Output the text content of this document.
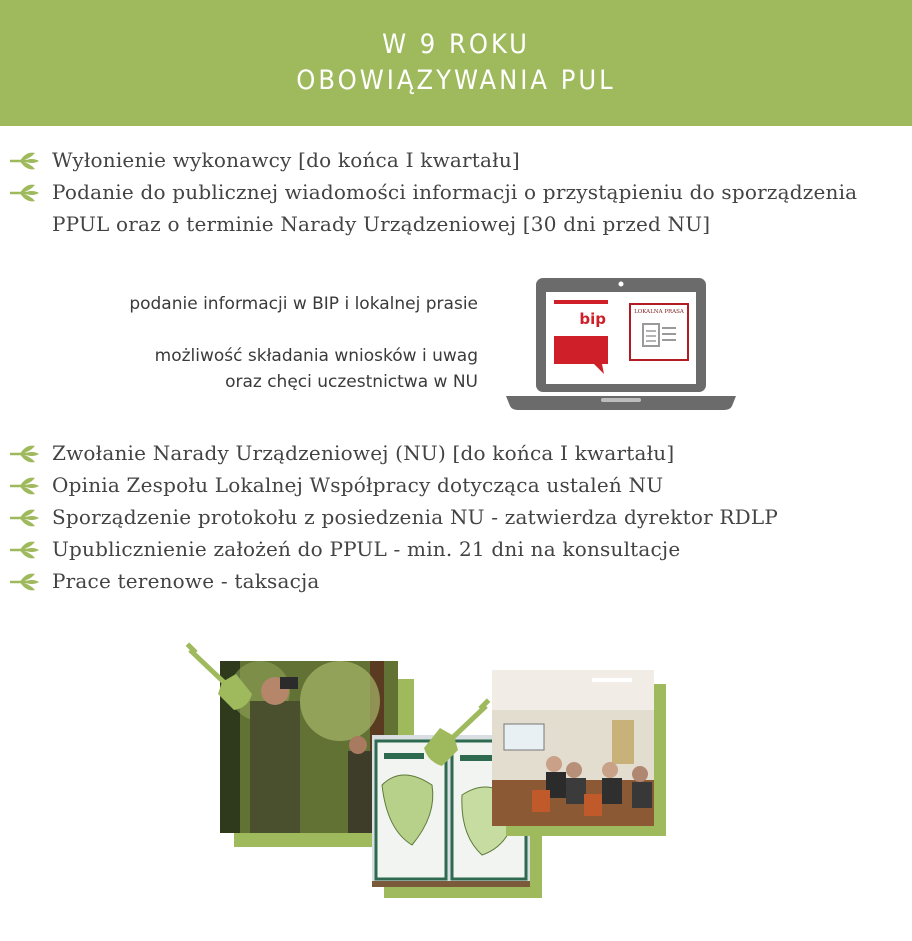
W 9 ROKU
OBOWIĄZYWANIA PUL
Wyłonienie wykonawcy [do końca I kwartału]
Podanie do publicznej wiadomości informacji o przystąpieniu do sporządzenia PPUL oraz o terminie Narady Urządzeniowej [30 dni przed NU]
podanie informacji w BIP i lokalnej prasie
możliwość składania wniosków i uwag
oraz chęci uczestnictwa w NU
bip	LOKALNA PRASA
Zwołanie Narady Urządzeniowej (NU) [do końca I kwartału]
Opinia Zespołu Lokalnej Współpracy dotycząca ustaleń NU
Sporządzenie protokołu z posiedzenia NU - zatwierdza dyrektor RDLP
Upublicznienie założeń do PPUL - min. 21 dni na konsultacje
Prace terenowe - taksacja
